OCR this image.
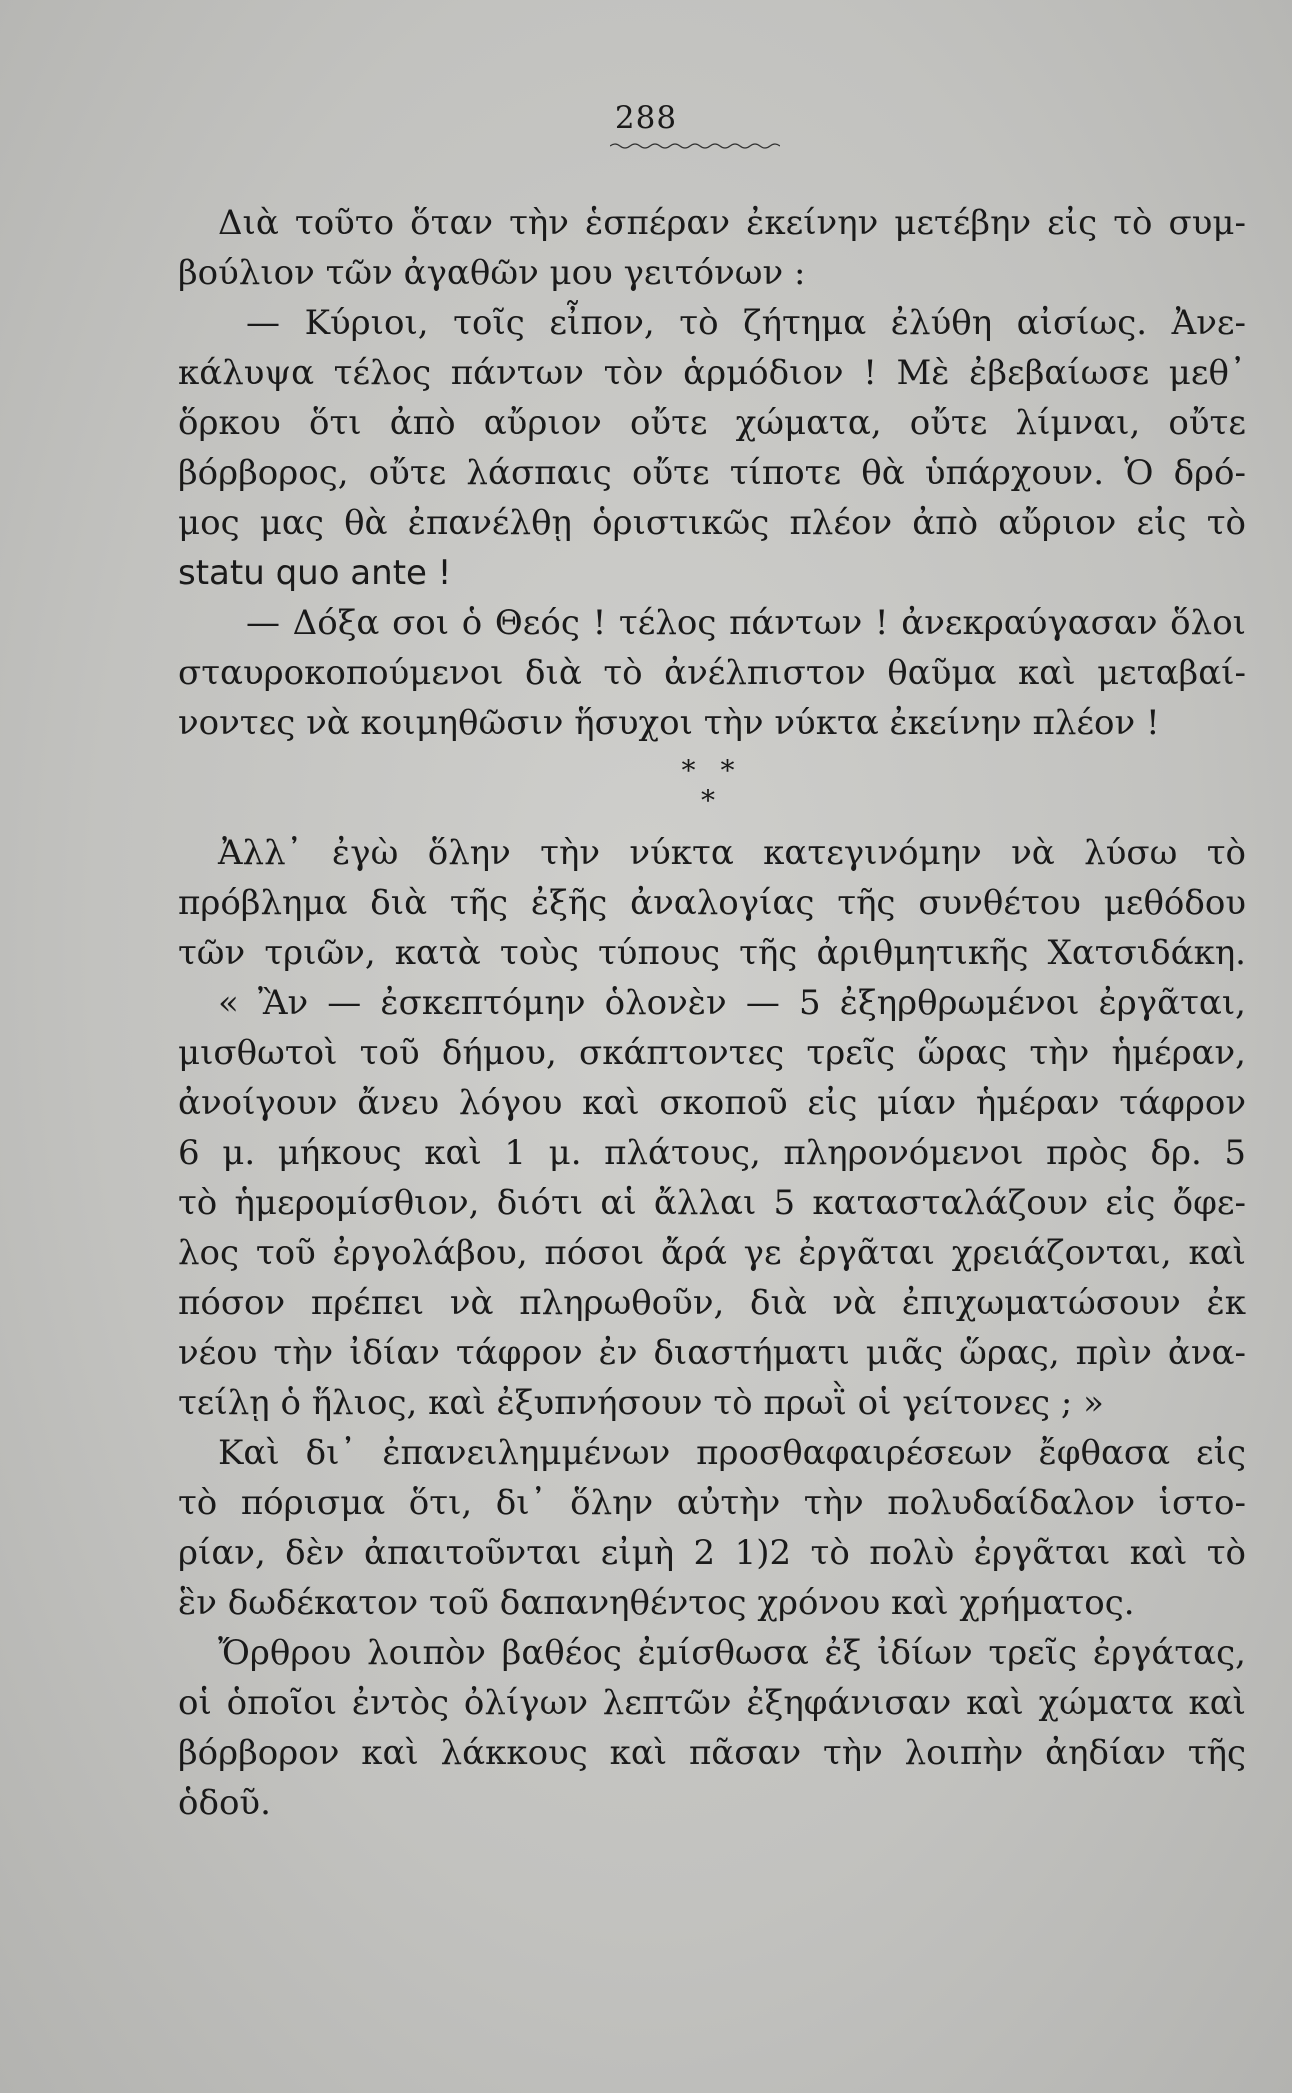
288
Διὰ τοῦτο ὅταν τὴν ἑσπέραν ἐκείνην μετέβην εἰς τὸ συμ-
βούλιον τῶν ἀγαθῶν μου γειτόνων :
— Κύριοι, τοῖς εἶπον, τὸ ζήτημα ἐλύθη αἰσίως. Ἀνε-
κάλυψα τέλος πάντων τὸν ἁρμόδιον ! Μὲ ἐβεβαίωσε μεθ᾽
ὅρκου ὅτι ἀπὸ αὔριον οὔτε χώματα, οὔτε λίμναι, οὔτε
βόρβορος, οὔτε λάσπαις οὔτε τίποτε θὰ ὑπάρχουν. Ὁ δρό-
μος μας θὰ ἐπανέλθῃ ὁριστικῶς πλέον ἀπὸ αὔριον εἰς τὸ
statu quo ante !
— Δόξα σοι ὁ Θεός ! τέλος πάντων ! ἀνεκραύγασαν ὅλοι
σταυροκοπούμενοι διὰ τὸ ἀνέλπιστον θαῦμα καὶ μεταβαί-
νοντες νὰ κοιμηθῶσιν ἥσυχοι τὴν νύκτα ἐκείνην πλέον !
* *
*
Ἀλλ᾽ ἐγὼ ὅλην τὴν νύκτα κατεγινόμην νὰ λύσω τὸ
πρόβλημα διὰ τῆς ἐξῆς ἀναλογίας τῆς συνθέτου μεθόδου
τῶν τριῶν, κατὰ τοὺς τύπους τῆς ἀριθμητικῆς Χατσιδάκη.
« Ἂν — ἐσκεπτόμην ὁλονὲν — 5 ἐξηρθρωμένοι ἐργᾶται,
μισθωτοὶ τοῦ δήμου, σκάπτοντες τρεῖς ὥρας τὴν ἡμέραν,
ἀνοίγουν ἄνευ λόγου καὶ σκοποῦ εἰς μίαν ἡμέραν τάφρον
6 μ. μήκους καὶ 1 μ. πλάτους, πληρονόμενοι πρὸς δρ. 5
τὸ ἡμερομίσθιον, διότι αἱ ἄλλαι 5 κατασταλάζουν εἰς ὄφε-
λος τοῦ ἐργολάβου, πόσοι ἄρά γε ἐργᾶται χρειάζονται, καὶ
πόσον πρέπει νὰ πληρωθοῦν, διὰ νὰ ἐπιχωματώσουν ἐκ
νέου τὴν ἰδίαν τάφρον ἐν διαστήματι μιᾶς ὥρας, πρὶν ἀνα-
τείλῃ ὁ ἥλιος, καὶ ἐξυπνήσουν τὸ πρωῒ οἱ γείτονες ; »
Καὶ δι᾽ ἐπανειλημμένων προσθαφαιρέσεων ἔφθασα εἰς
τὸ πόρισμα ὅτι, δι᾽ ὅλην αὐτὴν τὴν πολυδαίδαλον ἱστο-
ρίαν, δὲν ἀπαιτοῦνται εἰμὴ 2 1)2 τὸ πολὺ ἐργᾶται καὶ τὸ
ἓν δωδέκατον τοῦ δαπανηθέντος χρόνου καὶ χρήματος.
Ὄρθρου λοιπὸν βαθέος ἐμίσθωσα ἐξ ἰδίων τρεῖς ἐργάτας,
οἱ ὁποῖοι ἐντὸς ὀλίγων λεπτῶν ἐξηφάνισαν καὶ χώματα καὶ
βόρβορον καὶ λάκκους καὶ πᾶσαν τὴν λοιπὴν ἀηδίαν τῆς
ὁδοῦ.
